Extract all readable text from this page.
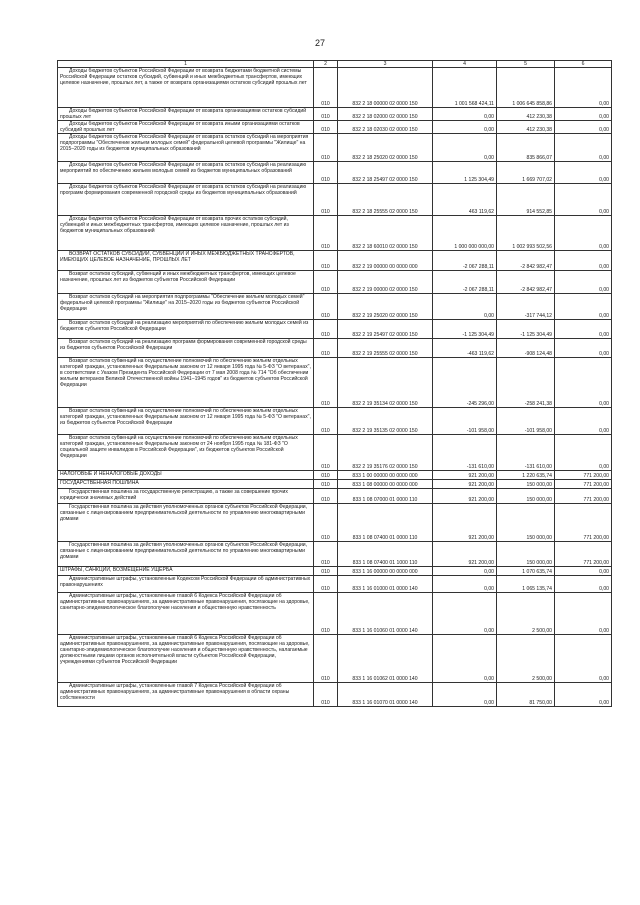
27
1	2	3	4	5	6

Доходы бюджетов субъектов Российской Федерации от возврата бюджетами бюджетной системы Российской Федерации остатков субсидий, субвенций и иных межбюджетных трансфертов, имеющих целевое назначение, прошлых лет, а также от возврата организациями остатков субсидий прошлых лет	010	832 2 18 00000 02 0000 150	1 001 568 424,11	1 006 645 858,86	0,00

Доходы бюджетов субъектов Российской Федерации от возврата организациями остатков субсидий прошлых лет	010	832 2 18 02000 02 0000 150	0,00	412 230,38	0,00

Доходы бюджетов субъектов Российской Федерации от возврата иными организациями остатков субсидий прошлых лет	010	832 2 18 02030 02 0000 150	0,00	412 230,38	0,00

Доходы бюджетов субъектов Российской Федерации от возврата остатков субсидий на мероприятия подпрограммы "Обеспечение жильем молодых семей" федеральной целевой программы "Жилище" на 2015–2020 годы из бюджетов муниципальных образований	010	832 2 18 25020 02 0000 150	0,00	835 866,07	0,00

Доходы бюджетов субъектов Российской Федерации от возврата остатков субсидий на реализацию мероприятий по обеспечению жильем молодых семей из бюджетов муниципальных образований	010	832 2 18 25497 02 0000 150	1 125 304,49	1 669 707,02	0,00

Доходы бюджетов субъектов Российской Федерации от возврата остатков субсидий на реализацию программ формирования современной городской среды из бюджетов муниципальных образований	010	832 2 18 25555 02 0000 150	463 119,62	914 552,85	0,00

Доходы бюджетов субъектов Российской Федерации от возврата прочих остатков субсидий, субвенций и иных межбюджетных трансфертов, имеющих целевое назначение, прошлых лет из бюджетов муниципальных образований	010	832 2 18 60010 02 0000 150	1 000 000 000,00	1 002 993 502,56	0,00

ВОЗВРАТ ОСТАТКОВ СУБСИДИЙ, СУБВЕНЦИЙ И ИНЫХ МЕЖБЮДЖЕТНЫХ ТРАНСФЕРТОВ, ИМЕЮЩИХ ЦЕЛЕВОЕ НАЗНАЧЕНИЕ, ПРОШЛЫХ ЛЕТ	010	832 2 19 00000 00 0000 000	-2 067 288,11	-2 842 982,47	0,00

Возврат остатков субсидий, субвенций и иных межбюджетных трансфертов, имеющих целевое назначение, прошлых лет из бюджетов субъектов Российской Федерации	010	832 2 19 00000 02 0000 150	-2 067 288,11	-2 842 982,47	0,00

Возврат остатков субсидий на мероприятия подпрограммы "Обеспечение жильем молодых семей" федеральной целевой программы "Жилище" на 2015–2020 годы из бюджетов субъектов Российской Федерации	010	832 2 19 25020 02 0000 150	0,00	-317 744,12	0,00

Возврат остатков субсидий на реализацию мероприятий по обеспечению жильем молодых семей из бюджетов субъектов Российской Федерации	010	832 2 19 25497 02 0000 150	-1 125 304,49	-1 125 304,49	0,00

Возврат остатков субсидий на реализацию программ формирования современной городской среды из бюджетов субъектов Российской Федерации	010	832 2 19 25555 02 0000 150	-463 119,62	-908 124,48	0,00

Возврат остатков субвенций на осуществление полномочий по обеспечению жильем отдельных категорий граждан, установленных Федеральным законом от 12 января 1995 года № 5-ФЗ "О ветеранах", в соответствии с Указом Президента Российской Федерации от 7 мая 2008 года № 714 "Об обеспечении жильем ветеранов Великой Отечественной войны 1941–1945 годов" из бюджетов субъектов Российской Федерации	010	832 2 19 35134 02 0000 150	-245 296,00	-258 241,38	0,00

Возврат остатков субвенций на осуществление полномочий по обеспечению жильем отдельных категорий граждан, установленных Федеральным законом от 12 января 1995 года № 5-ФЗ "О ветеранах", из бюджетов субъектов Российской Федерации	010	832 2 19 35135 02 0000 150	-101 958,00	-101 958,00	0,00

Возврат остатков субвенций на осуществление полномочий по обеспечению жильем отдельных категорий граждан, установленных Федеральным законом от 24 ноября 1995 года № 181-ФЗ "О социальной защите инвалидов в Российской Федерации", из бюджетов субъектов Российской Федерации	010	832 2 19 35176 02 0000 150	-131 610,00	-131 610,00	0,00

НАЛОГОВЫЕ И НЕНАЛОГОВЫЕ ДОХОДЫ	010	833 1 00 00000 00 0000 000	921 200,00	1 220 635,74	771 200,00

ГОСУДАРСТВЕННАЯ ПОШЛИНА	010	833 1 08 00000 00 0000 000	921 200,00	150 000,00	771 200,00

Государственная пошлина за государственную регистрацию, а также за совершение прочих юридически значимых действий	010	833 1 08 07000 01 0000 110	921 200,00	150 000,00	771 200,00

Государственная пошлина за действия уполномоченных органов субъектов Российской Федерации, связанные с лицензированием предпринимательской деятельности по управлению многоквартирными домами	010	833 1 08 07400 01 0000 110	921 200,00	150 000,00	771 200,00

Государственная пошлина за действия уполномоченных органов субъектов Российской Федерации, связанные с лицензированием предпринимательской деятельности по управлению многоквартирными домами	010	833 1 08 07400 01 1000 110	921 200,00	150 000,00	771 200,00

ШТРАФЫ, САНКЦИИ, ВОЗМЕЩЕНИЕ УЩЕРБА	010	833 1 16 00000 00 0000 000	0,00	1 070 635,74	0,00

Административные штрафы, установленные Кодексом Российской Федерации об административных правонарушениях	010	833 1 16 01000 01 0000 140	0,00	1 065 135,74	0,00

Административные штрафы, установленные главой 6 Кодекса Российской Федерации об административных правонарушениях, за административные правонарушения, посягающие на здоровье, санитарно-эпидемиологическое благополучие населения и общественную нравственность	010	833 1 16 01060 01 0000 140	0,00	2 500,00	0,00

Административные штрафы, установленные главой 6 Кодекса Российской Федерации об административных правонарушениях, за административные правонарушения, посягающие на здоровье, санитарно-эпидемиологическое благополучие населения и общественную нравственность, налагаемые должностными лицами органов исполнительной власти субъектов Российской Федерации, учреждениями субъектов Российской Федерации	010	833 1 16 01062 01 0000 140	0,00	2 500,00	0,00

Административные штрафы, установленные главой 7 Кодекса Российской Федерации об административных правонарушениях, за административные правонарушения в области охраны собственности	010	833 1 16 01070 01 0000 140	0,00	81 750,00	0,00
